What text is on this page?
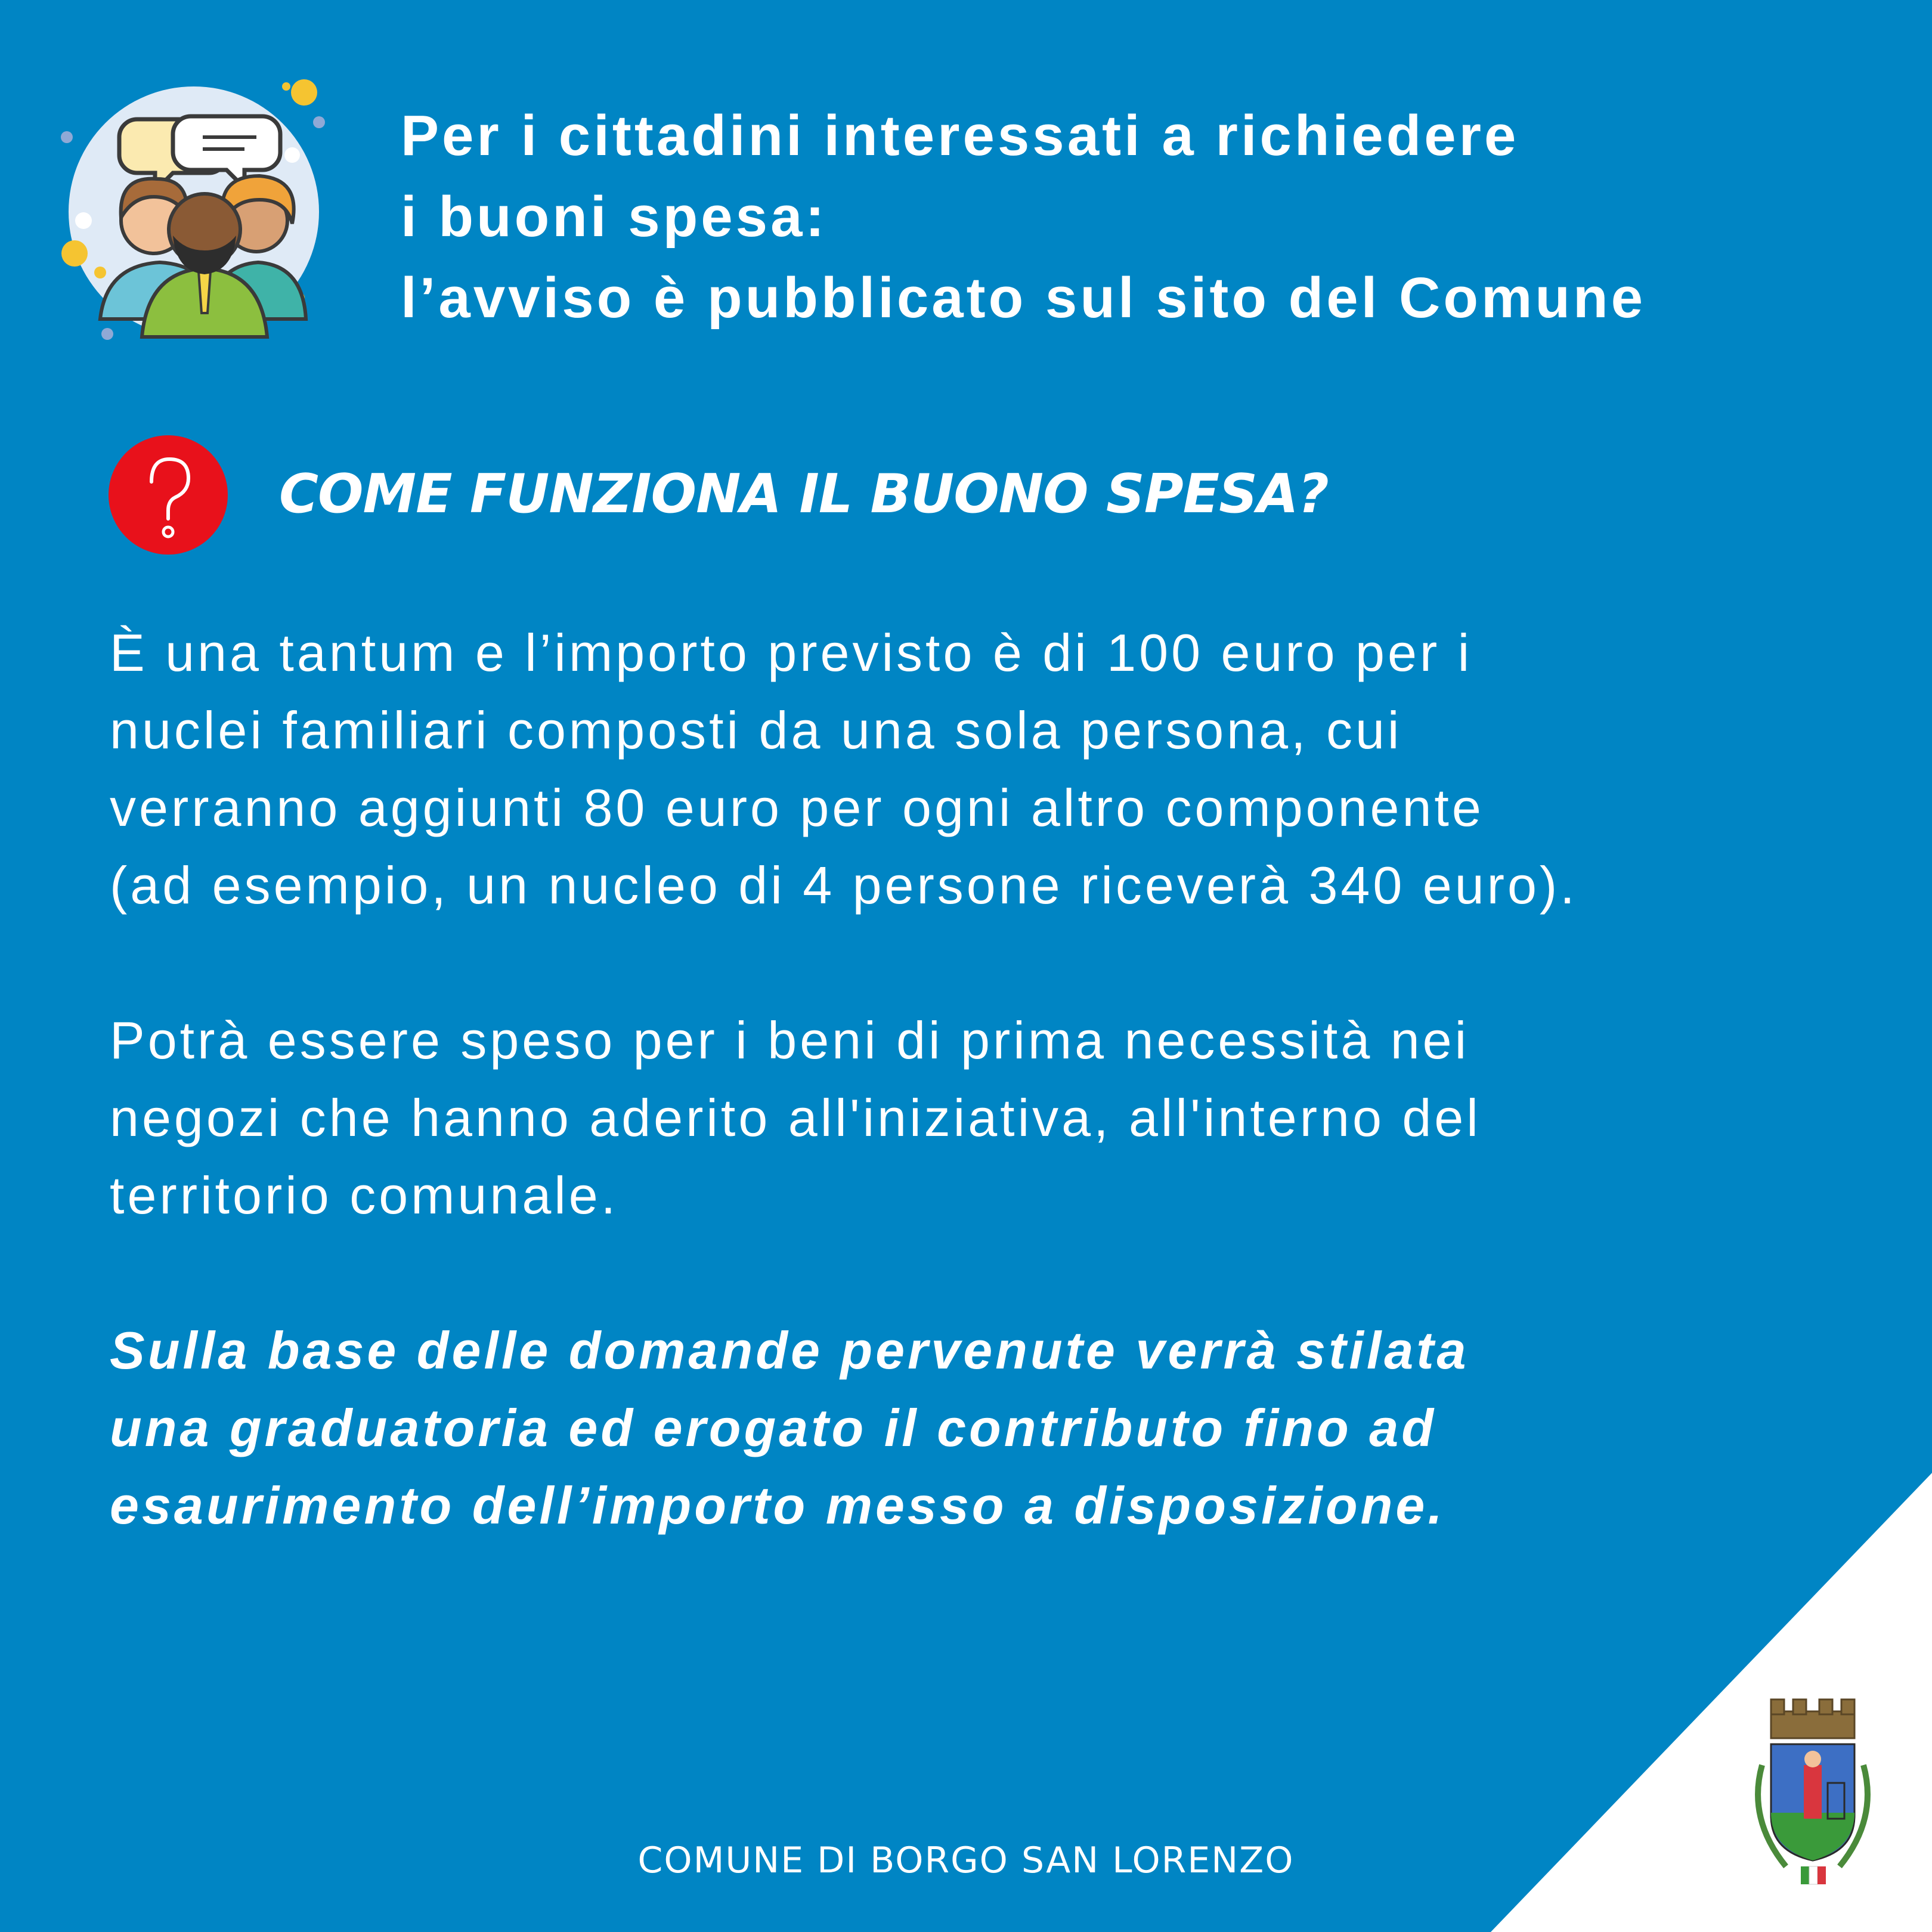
Per i cittadini interessati a richiedere
i buoni spesa:
l’avviso è pubblicato sul sito del Comune
COME FUNZIONA IL BUONO SPESA?

È una tantum e l’importo previsto è di 100 euro per i
nuclei familiari composti da una sola persona, cui
verranno aggiunti 80 euro per ogni altro componente
(ad esempio, un nucleo di 4 persone riceverà 340 euro).

Potrà essere speso per i beni di prima necessità nei
negozi che hanno aderito all'iniziativa, all'interno del
territorio comunale.

Sulla base delle domande pervenute verrà stilata
una graduatoria ed erogato il contributo fino ad
esaurimento dell’importo messo a disposizione.

COMUNE DI BORGO SAN LORENZO
